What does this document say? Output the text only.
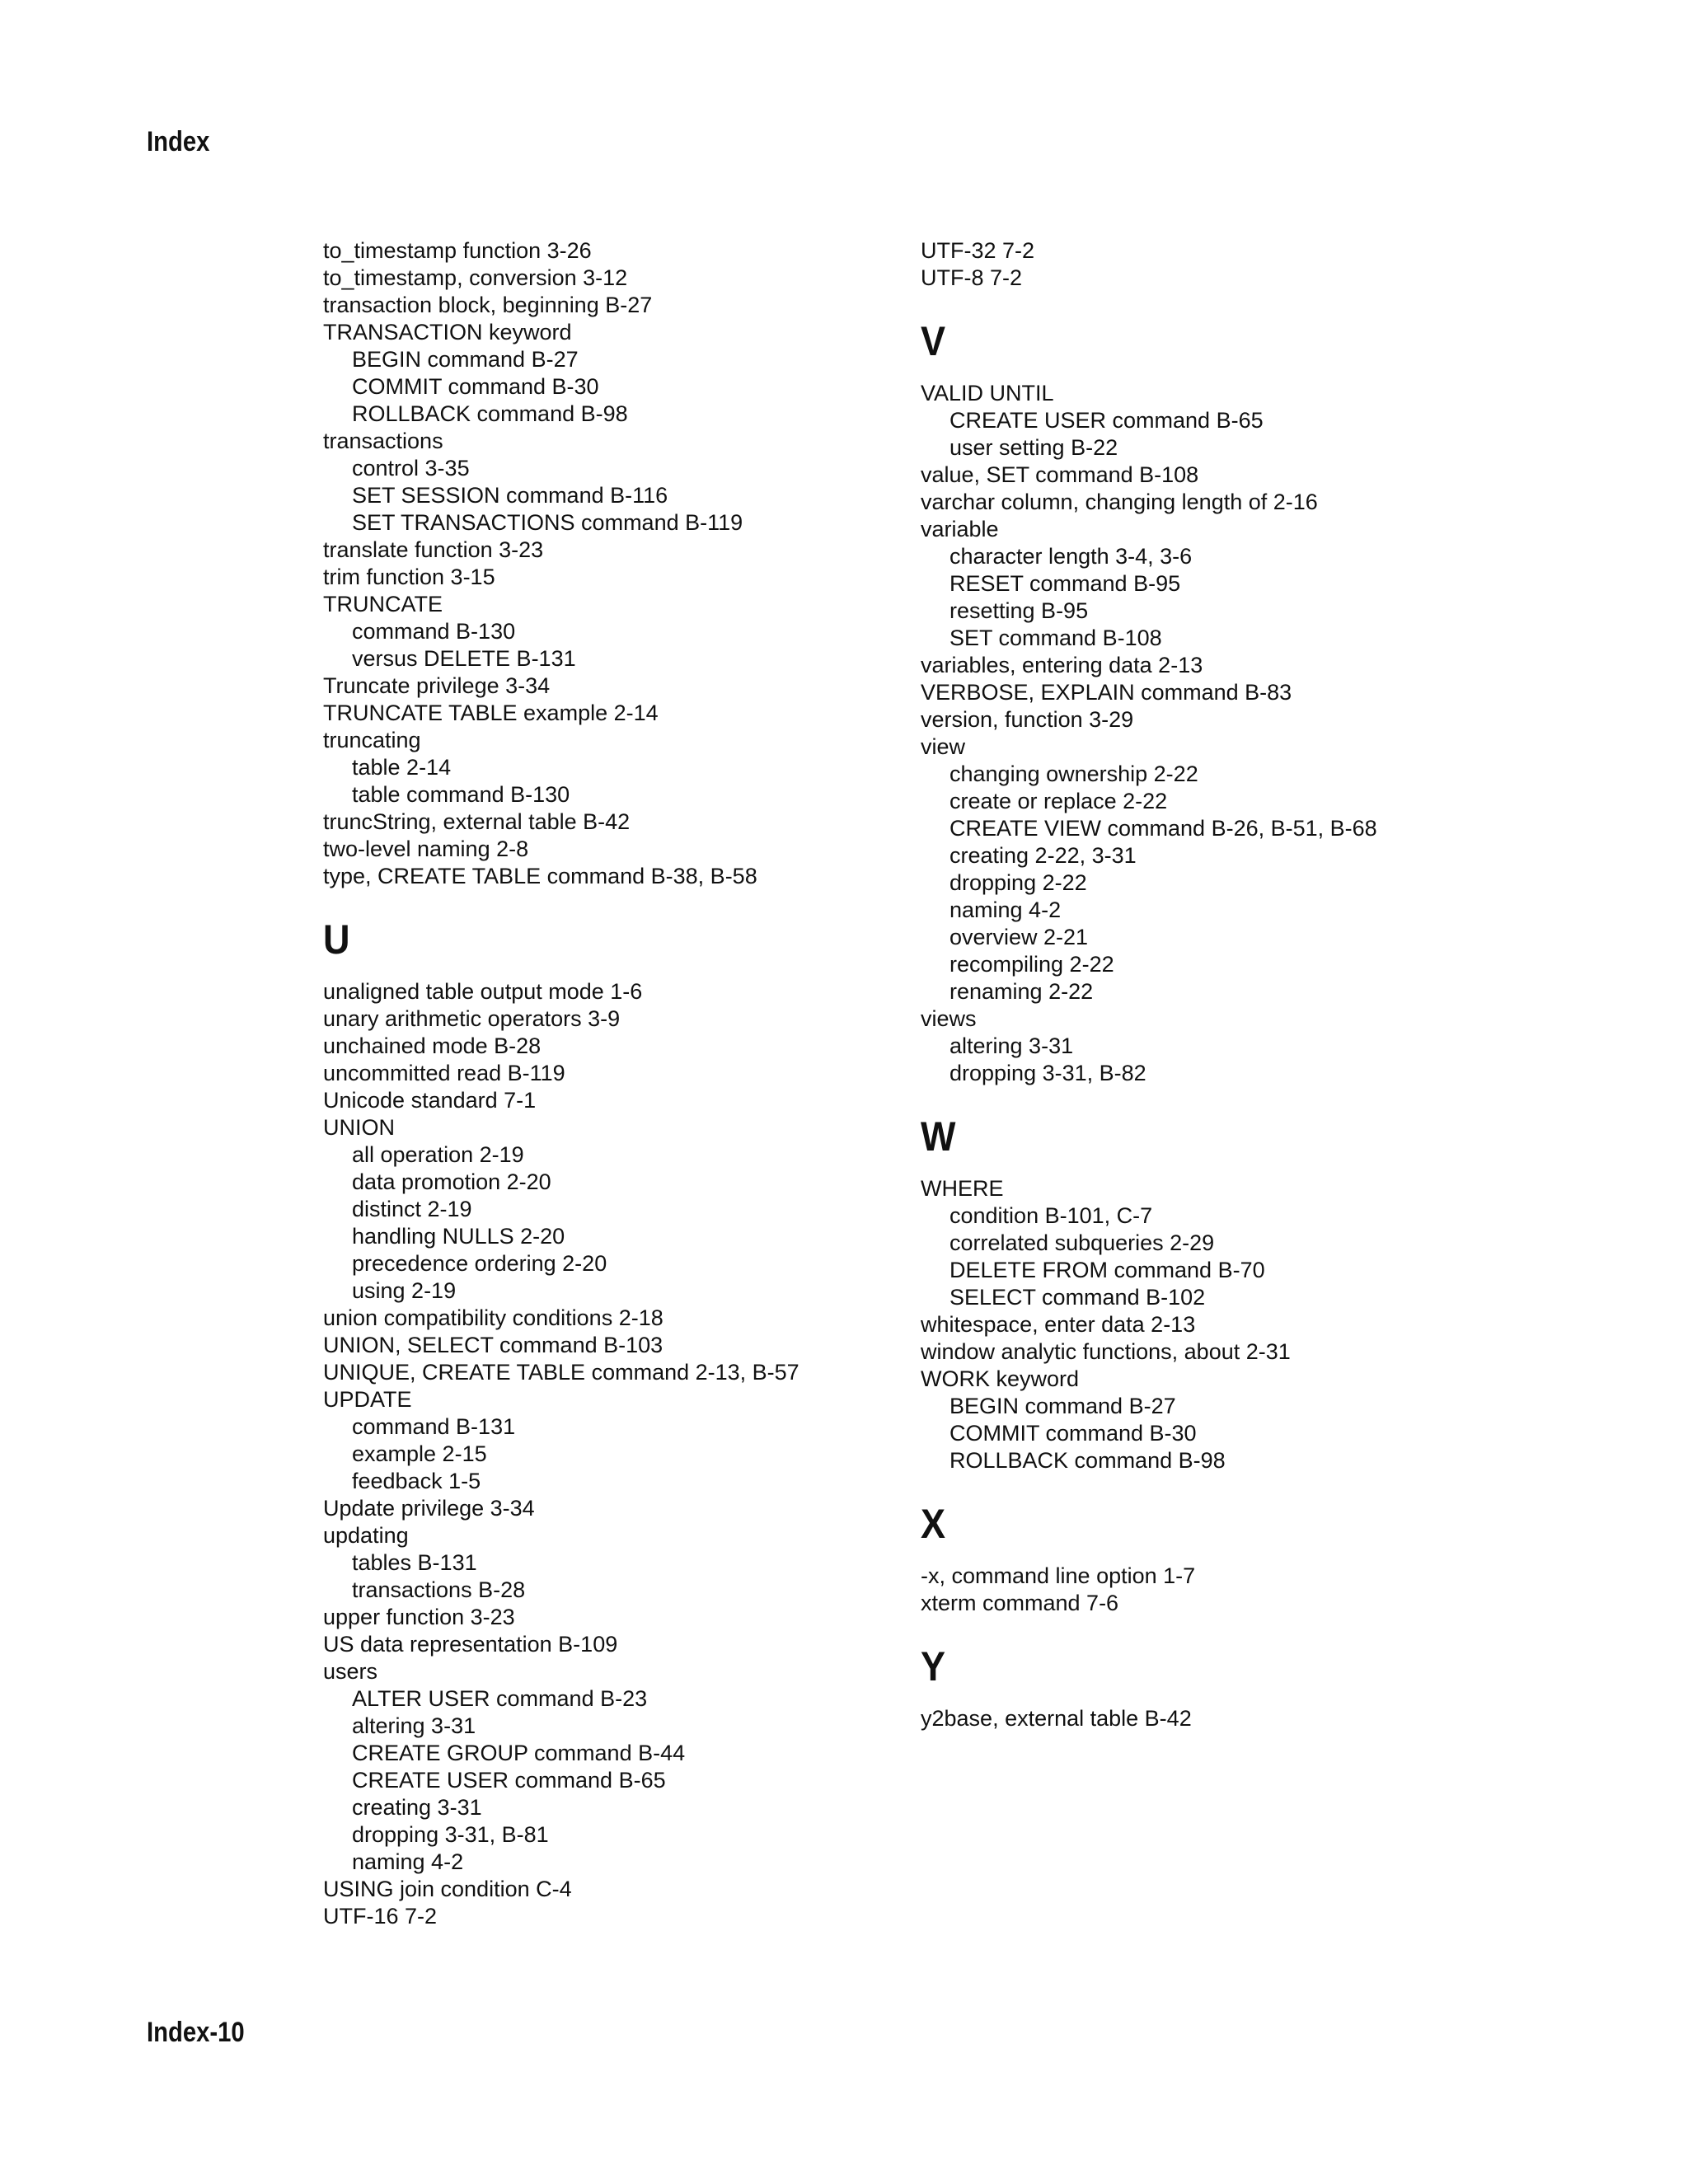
Index
to_timestamp function 3-26
to_timestamp, conversion 3-12
transaction block, beginning B-27
TRANSACTION keyword
BEGIN command B-27
COMMIT command B-30
ROLLBACK command B-98
transactions
control 3-35
SET SESSION command B-116
SET TRANSACTIONS command B-119
translate function 3-23
trim function 3-15
TRUNCATE
command B-130
versus DELETE B-131
Truncate privilege 3-34
TRUNCATE TABLE example 2-14
truncating
table 2-14
table command B-130
truncString, external table B-42
two-level naming 2-8
type, CREATE TABLE command B-38, B-58
U
unaligned table output mode 1-6
unary arithmetic operators 3-9
unchained mode B-28
uncommitted read B-119
Unicode standard 7-1
UNION
all operation 2-19
data promotion 2-20
distinct 2-19
handling NULLS 2-20
precedence ordering 2-20
using 2-19
union compatibility conditions 2-18
UNION, SELECT command B-103
UNIQUE, CREATE TABLE command 2-13, B-57
UPDATE
command B-131
example 2-15
feedback 1-5
Update privilege 3-34
updating
tables B-131
transactions B-28
upper function 3-23
US data representation B-109
users
ALTER USER command B-23
altering 3-31
CREATE GROUP command B-44
CREATE USER command B-65
creating 3-31
dropping 3-31, B-81
naming 4-2
USING join condition C-4
UTF-16 7-2
UTF-32 7-2
UTF-8 7-2
V
VALID UNTIL
CREATE USER command B-65
user setting B-22
value, SET command B-108
varchar column, changing length of 2-16
variable
character length 3-4, 3-6
RESET command B-95
resetting B-95
SET command B-108
variables, entering data 2-13
VERBOSE, EXPLAIN command B-83
version, function 3-29
view
changing ownership 2-22
create or replace 2-22
CREATE VIEW command B-26, B-51, B-68
creating 2-22, 3-31
dropping 2-22
naming 4-2
overview 2-21
recompiling 2-22
renaming 2-22
views
altering 3-31
dropping 3-31, B-82
W
WHERE
condition B-101, C-7
correlated subqueries 2-29
DELETE FROM command B-70
SELECT command B-102
whitespace, enter data 2-13
window analytic functions, about 2-31
WORK keyword
BEGIN command B-27
COMMIT command B-30
ROLLBACK command B-98
X
-x, command line option 1-7
xterm command 7-6
Y
y2base, external table B-42
Index-10
